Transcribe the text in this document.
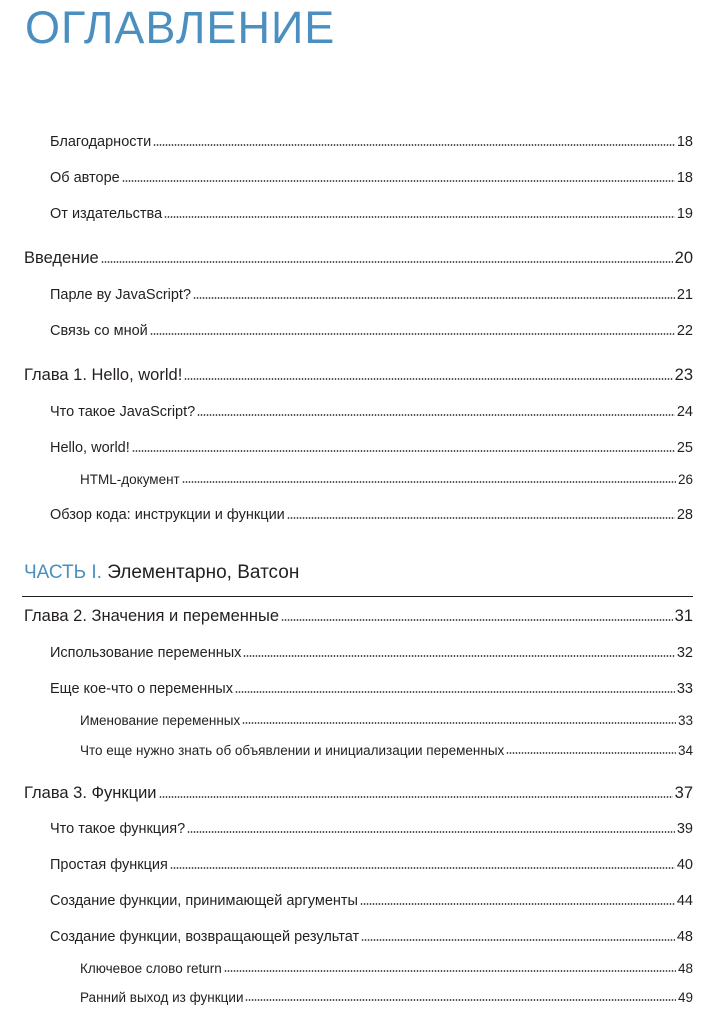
ОГЛАВЛЕНИЕ
Благодарности	18
Об авторе	18
От издательства	19
Введение	20
Парле ву JavaScript?	21
Связь со мной	22
Глава 1. Hello, world!	23
Что такое JavaScript?	24
Hello, world!	25
HTML-документ	26
Обзор кода: инструкции и функции	28
ЧАСТЬ I. Элементарно, Ватсон
Глава 2. Значения и переменные	31
Использование переменных	32
Еще кое-что о переменных	33
Именование переменных	33
Что еще нужно знать об объявлении и инициализации переменных	34
Глава 3. Функции	37
Что такое функция?	39
Простая функция	40
Создание функции, принимающей аргументы	44
Создание функции, возвращающей результат	48
Ключевое слово return	48
Ранний выход из функции	49
